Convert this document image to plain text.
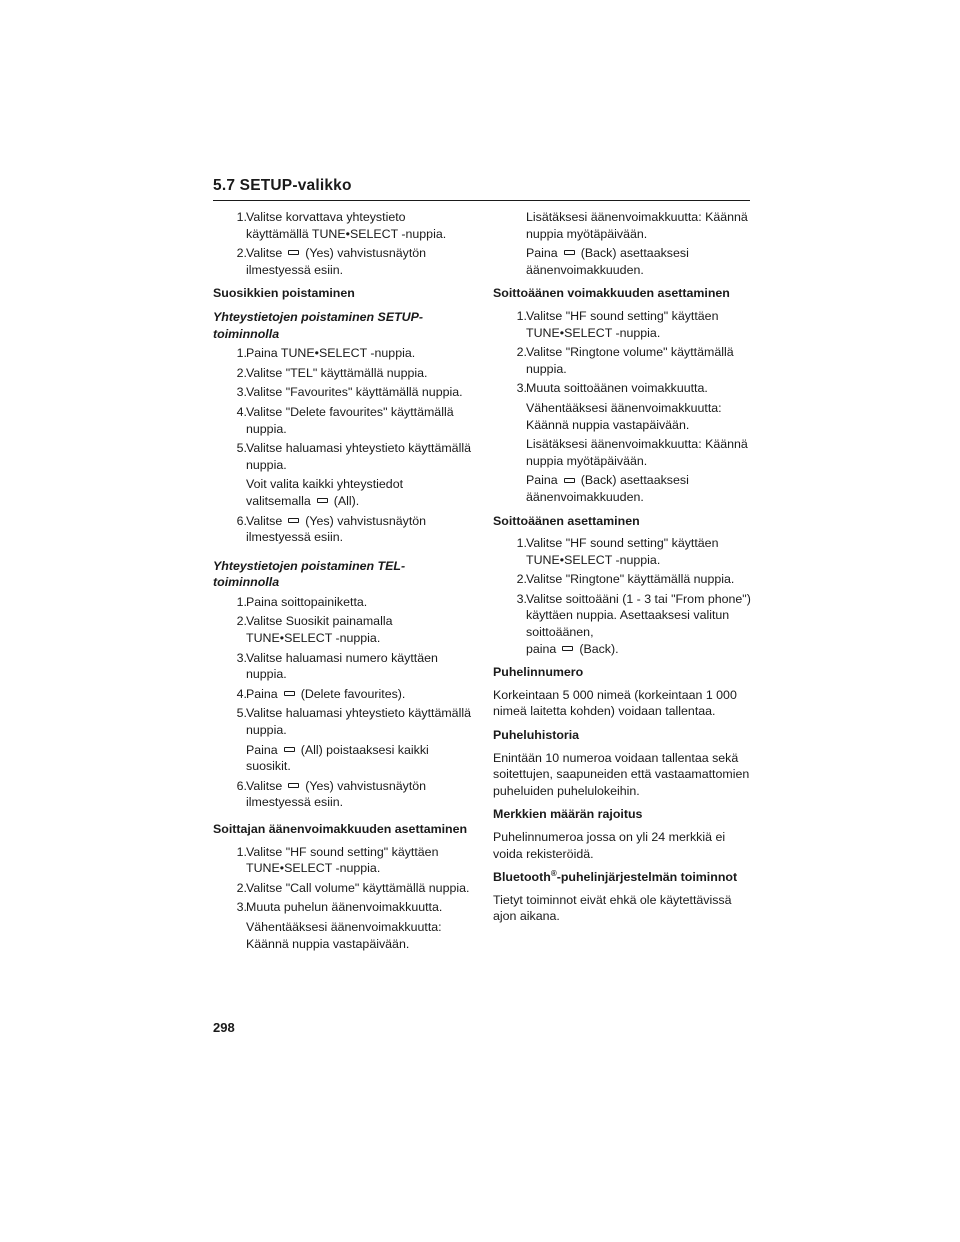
5.7 SETUP-valikko
1. Valitse korvattava yhteystieto käyttämällä TUNE•SELECT -nuppia.
2. Valitse (Yes) vahvistusnäytön ilmestyessä esiin.
Suosikkien poistaminen
Yhteystietojen poistaminen SETUP-toiminnolla
1. Paina TUNE•SELECT -nuppia.
2. Valitse "TEL" käyttämällä nuppia.
3. Valitse "Favourites" käyttämällä nuppia.
4. Valitse "Delete favourites" käyttämällä nuppia.
5. Valitse haluamasi yhteystieto käyttämällä nuppia.
Voit valita kaikki yhteystiedot valitsemalla (All).
6. Valitse (Yes) vahvistusnäytön ilmestyessä esiin.
Yhteystietojen poistaminen TEL-toiminnolla
1. Paina soittopainiketta.
2. Valitse Suosikit painamalla TUNE•SELECT -nuppia.
3. Valitse haluamasi numero käyttäen nuppia.
4. Paina (Delete favourites).
5. Valitse haluamasi yhteystieto käyttämällä nuppia.
Paina (All) poistaaksesi kaikki suosikit.
6. Valitse (Yes) vahvistusnäytön ilmestyessä esiin.
Soittajan äänenvoimakkuuden asettaminen
1. Valitse "HF sound setting" käyttäen TUNE•SELECT -nuppia.
2. Valitse "Call volume" käyttämällä nuppia.
3. Muuta puhelun äänenvoimakkuutta.
Vähentääksesi äänenvoimakkuutta: Käännä nuppia vastapäivään.
Lisätäksesi äänenvoimakkuutta: Käännä nuppia myötäpäivään.
Paina (Back) asettaaksesi äänenvoimakkuuden.
Soittoäänen voimakkuuden asettaminen
1. Valitse "HF sound setting" käyttäen TUNE•SELECT -nuppia.
2. Valitse "Ringtone volume" käyttämällä nuppia.
3. Muuta soittoäänen voimakkuutta.
Vähentääksesi äänenvoimakkuutta: Käännä nuppia vastapäivään.
Lisätäksesi äänenvoimakkuutta: Käännä nuppia myötäpäivään.
Paina (Back) asettaaksesi äänenvoimakkuuden.
Soittoäänen asettaminen
1. Valitse "HF sound setting" käyttäen TUNE•SELECT -nuppia.
2. Valitse "Ringtone" käyttämällä nuppia.
3. Valitse soittoääni (1 - 3 tai "From phone") käyttäen nuppia. Asettaaksesi valitun soittoäänen,
paina (Back).
Puhelinnumero
Korkeintaan 5 000 nimeä (korkeintaan 1 000 nimeä laitetta kohden) voidaan tallentaa.
Puheluhistoria
Enintään 10 numeroa voidaan tallentaa sekä soitettujen, saapuneiden että vastaamattomien puheluiden puhelulokeihin.
Merkkien määrän rajoitus
Puhelinnumeroa jossa on yli 24 merkkiä ei voida rekisteröidä.
Bluetooth®-puhelinjärjestelmän toiminnot
Tietyt toiminnot eivät ehkä ole käytettävissä ajon aikana.
298
